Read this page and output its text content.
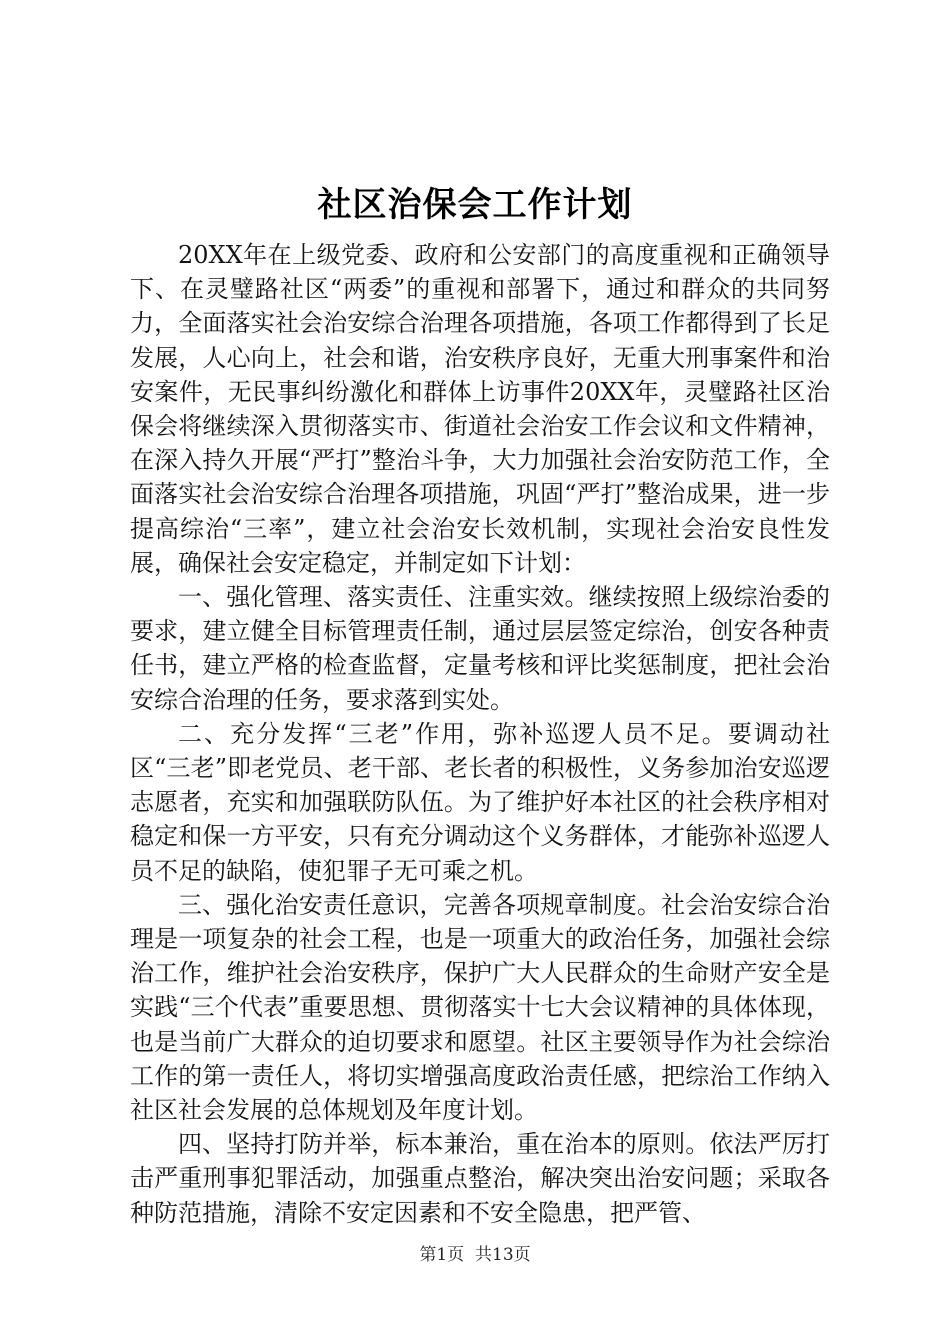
社区治保会工作计划

20XX年在上级党委、政府和公安部门的高度重视和正确领导下、在灵璧路社区“两委”的重视和部署下，通过和群众的共同努力，全面落实社会治安综合治理各项措施，各项工作都得到了长足发展，人心向上，社会和谐，治安秩序良好，无重大刑事案件和治安案件，无民事纠纷激化和群体上访事件20XX年，灵璧路社区治保会将继续深入贯彻落实市、街道社会治安工作会议和文件精神，在深入持久开展“严打”整治斗争，大力加强社会治安防范工作，全面落实社会治安综合治理各项措施，巩固“严打”整治成果，进一步提高综治“三率”，建立社会治安长效机制，实现社会治安良性发展，确保社会安定稳定，并制定如下计划：

一、强化管理、落实责任、注重实效。继续按照上级综治委的要求，建立健全目标管理责任制，通过层层签定综治，创安各种责任书，建立严格的检查监督，定量考核和评比奖惩制度，把社会治安综合治理的任务，要求落到实处。

二、充分发挥“三老”作用，弥补巡逻人员不足。要调动社区“三老”即老党员、老干部、老长者的积极性，义务参加治安巡逻志愿者，充实和加强联防队伍。为了维护好本社区的社会秩序相对稳定和保一方平安，只有充分调动这个义务群体，才能弥补巡逻人员不足的缺陷，使犯罪子无可乘之机。

三、强化治安责任意识，完善各项规章制度。社会治安综合治理是一项复杂的社会工程，也是一项重大的政治任务，加强社会综治工作，维护社会治安秩序，保护广大人民群众的生命财产安全是实践“三个代表”重要思想、贯彻落实十七大会议精神的具体体现，也是当前广大群众的迫切要求和愿望。社区主要领导作为社会综治工作的第一责任人，将切实增强高度政治责任感，把综治工作纳入社区社会发展的总体规划及年度计划。

四、坚持打防并举，标本兼治，重在治本的原则。依法严厉打击严重刑事犯罪活动，加强重点整治，解决突出治安问题；采取各种防范措施，清除不安定因素和不安全隐患，把严管、

第1页 共13页
